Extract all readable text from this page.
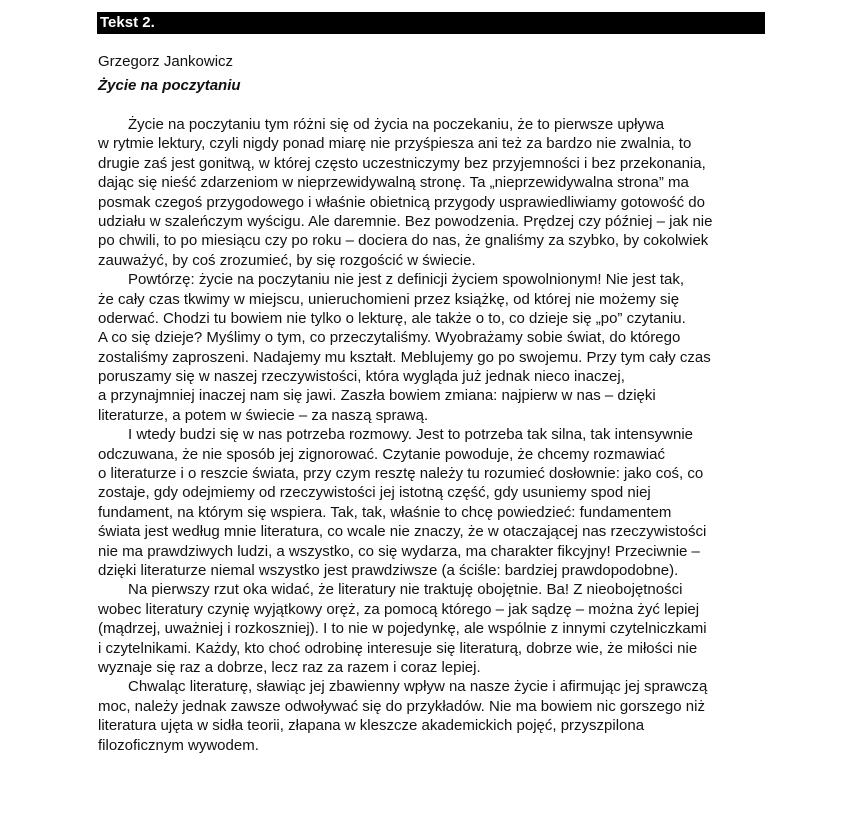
Tekst 2.
Grzegorz Jankowicz
Życie na poczytaniu
Życie na poczytaniu tym różni się od życia na poczekaniu, że to pierwsze upływa
w rytmie lektury, czyli nigdy ponad miarę nie przyśpiesza ani też za bardzo nie zwalnia, to
drugie zaś jest gonitwą, w której często uczestniczymy bez przyjemności i bez przekonania,
dając się nieść zdarzeniom w nieprzewidywalną stronę. Ta „nieprzewidywalna strona” ma
posmak czegoś przygodowego i właśnie obietnicą przygody usprawiedliwiamy gotowość do
udziału w szaleńczym wyścigu. Ale daremnie. Bez powodzenia. Prędzej czy później – jak nie
po chwili, to po miesiącu czy po roku – dociera do nas, że gnaliśmy za szybko, by cokolwiek
zauważyć, by coś zrozumieć, by się rozgościć w świecie.
Powtórzę: życie na poczytaniu nie jest z definicji życiem spowolnionym! Nie jest tak,
że cały czas tkwimy w miejscu, unieruchomieni przez książkę, od której nie możemy się
oderwać. Chodzi tu bowiem nie tylko o lekturę, ale także o to, co dzieje się „po” czytaniu.
A co się dzieje? Myślimy o tym, co przeczytaliśmy. Wyobrażamy sobie świat, do którego
zostaliśmy zaproszeni. Nadajemy mu kształt. Meblujemy go po swojemu. Przy tym cały czas
poruszamy się w naszej rzeczywistości, która wygląda już jednak nieco inaczej,
a przynajmniej inaczej nam się jawi. Zaszła bowiem zmiana: najpierw w nas – dzięki
literaturze, a potem w świecie – za naszą sprawą.
I wtedy budzi się w nas potrzeba rozmowy. Jest to potrzeba tak silna, tak intensywnie
odczuwana, że nie sposób jej zignorować. Czytanie powoduje, że chcemy rozmawiać
o literaturze i o reszcie świata, przy czym resztę należy tu rozumieć dosłownie: jako coś, co
zostaje, gdy odejmiemy od rzeczywistości jej istotną część, gdy usuniemy spod niej
fundament, na którym się wspiera. Tak, tak, właśnie to chcę powiedzieć: fundamentem
świata jest według mnie literatura, co wcale nie znaczy, że w otaczającej nas rzeczywistości
nie ma prawdziwych ludzi, a wszystko, co się wydarza, ma charakter fikcyjny! Przeciwnie –
dzięki literaturze niemal wszystko jest prawdziwsze (a ściśle: bardziej prawdopodobne).
Na pierwszy rzut oka widać, że literatury nie traktuję obojętnie. Ba! Z nieobojętności
wobec literatury czynię wyjątkowy oręż, za pomocą którego – jak sądzę – można żyć lepiej
(mądrzej, uważniej i rozkoszniej). I to nie w pojedynkę, ale wspólnie z innymi czytelniczkami
i czytelnikami. Każdy, kto choć odrobinę interesuje się literaturą, dobrze wie, że miłości nie
wyznaje się raz a dobrze, lecz raz za razem i coraz lepiej.
Chwaląc literaturę, sławiąc jej zbawienny wpływ na nasze życie i afirmując jej sprawczą
moc, należy jednak zawsze odwoływać się do przykładów. Nie ma bowiem nic gorszego niż
literatura ujęta w sidła teorii, złapana w kleszcze akademickich pojęć, przyszpilona
filozoficznym wywodem.
